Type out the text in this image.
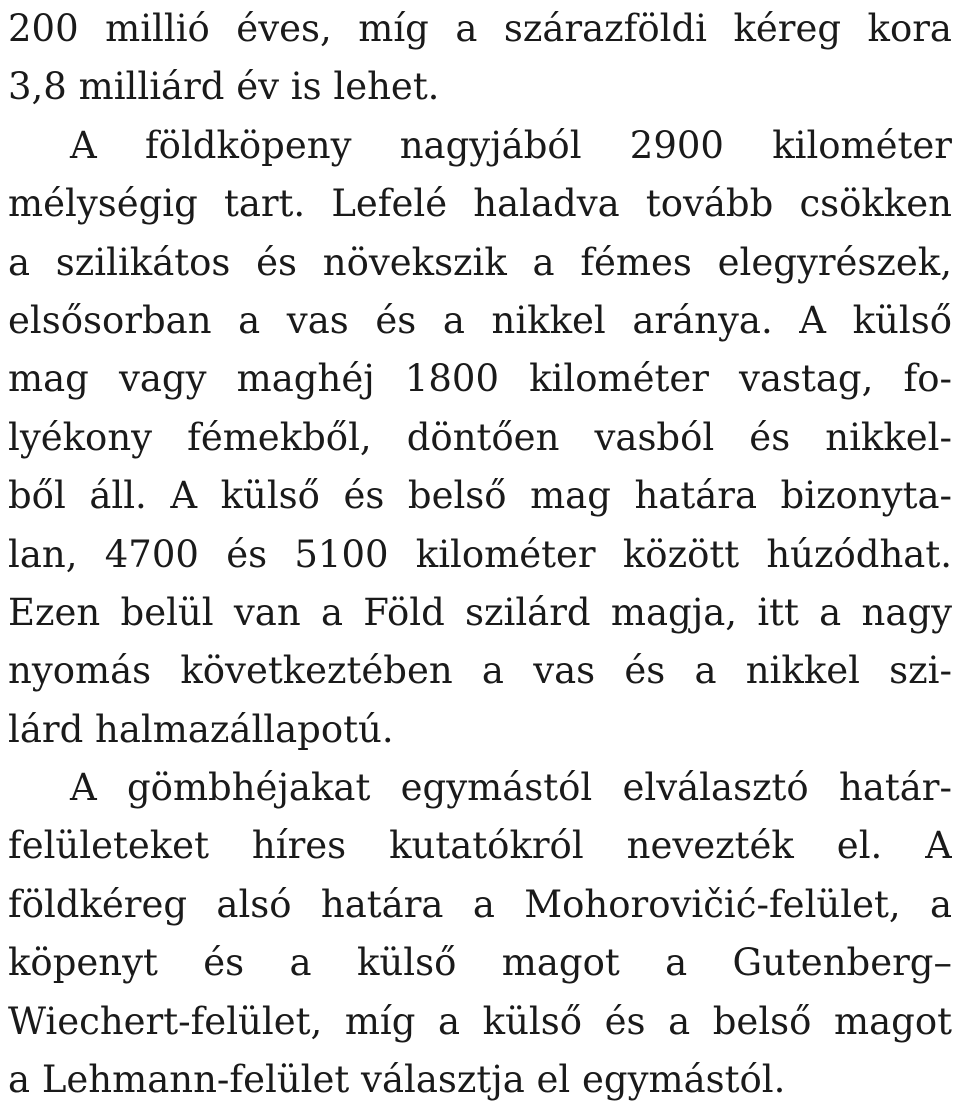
200 millió éves, míg a szárazföldi kéreg kora
3,8 milliárd év is lehet.
A földköpeny nagyjából 2900 kilométer
mélységig tart. Lefelé haladva tovább csökken
a szilikátos és növekszik a fémes elegyrészek,
elsősorban a vas és a nikkel aránya. A külső
mag vagy maghéj 1800 kilométer vastag, fo-
lyékony fémekből, döntően vasból és nikkel-
ből áll. A külső és belső mag határa bizonyta-
lan, 4700 és 5100 kilométer között húzódhat.
Ezen belül van a Föld szilárd magja, itt a nagy
nyomás következtében a vas és a nikkel szi-
lárd halmazállapotú.
A gömbhéjakat egymástól elválasztó határ-
felületeket híres kutatókról nevezték el. A
földkéreg alsó határa a Mohorovičić-felület, a
köpenyt és a külső magot a Gutenberg–
Wiechert-felület, míg a külső és a belső magot
a Lehmann-felület választja el egymástól.
